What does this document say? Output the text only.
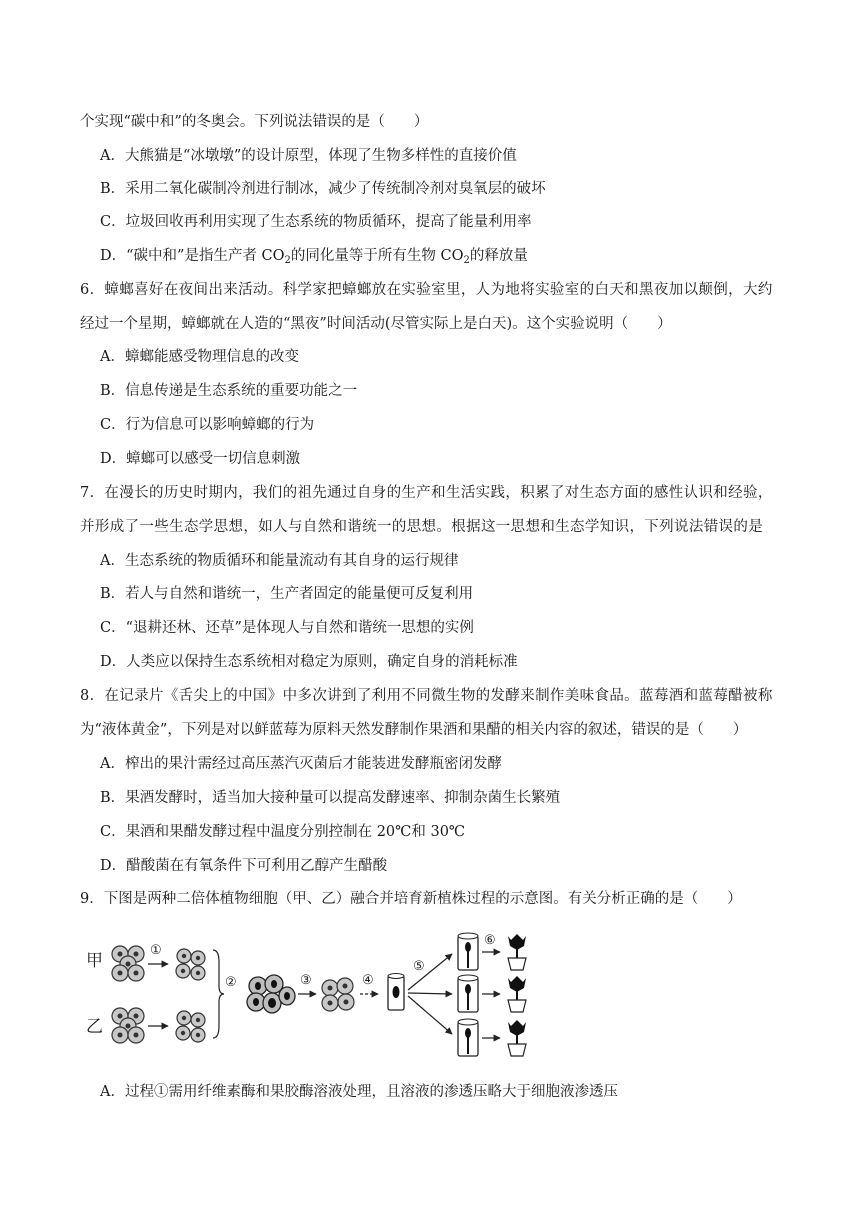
个实现“碳中和”的冬奥会。下列说法错误的是（　　）
A．大熊猫是“冰墩墩”的设计原型，体现了生物多样性的直接价值
B．采用二氧化碳制冷剂进行制冰，减少了传统制冷剂对臭氧层的破坏
C．垃圾回收再利用实现了生态系统的物质循环，提高了能量利用率
D．“碳中和”是指生产者 $CO_2$的同化量等于所有生物 $CO_2$的释放量
6．蟑螂喜好在夜间出来活动。科学家把蟑螂放在实验室里，人为地将实验室的白天和黑夜加以颠倒，大约
经过一个星期，蟑螂就在人造的“黑夜”时间活动(尽管实际上是白天)。这个实验说明（　　）
A．蟑螂能感受物理信息的改变
B．信息传递是生态系统的重要功能之一
C．行为信息可以影响蟑螂的行为
D．蟑螂可以感受一切信息刺激
7．在漫长的历史时期内，我们的祖先通过自身的生产和生活实践，积累了对生态方面的感性认识和经验，
并形成了一些生态学思想，如人与自然和谐统一的思想。根据这一思想和生态学知识，下列说法错误的是
A．生态系统的物质循环和能量流动有其自身的运行规律
B．若人与自然和谐统一，生产者固定的能量便可反复利用
C．“退耕还林、还草”是体现人与自然和谐统一思想的实例
D．人类应以保持生态系统相对稳定为原则，确定自身的消耗标准
8．在记录片《舌尖上的中国》中多次讲到了利用不同微生物的发酵来制作美味食品。蓝莓酒和蓝莓醋被称
为“液体黄金”，下列是对以鲜蓝莓为原料天然发酵制作果酒和果醋的相关内容的叙述，错误的是（　　）
A．榨出的果汁需经过高压蒸汽灭菌后才能装进发酵瓶密闭发酵
B．果酒发酵时，适当加大接种量可以提高发酵速率、抑制杂菌生长繁殖
C．果酒和果醋发酵过程中温度分别控制在 20℃和 30℃
D．醋酸菌在有氧条件下可利用乙醇产生醋酸
9．下图是两种二倍体植物细胞（甲、乙）融合并培育新植株过程的示意图。有关分析正确的是（　　）
甲
乙
①
②	③	④
⑤
⑥
A．过程①需用纤维素酶和果胶酶溶液处理，且溶液的渗透压略大于细胞液渗透压
